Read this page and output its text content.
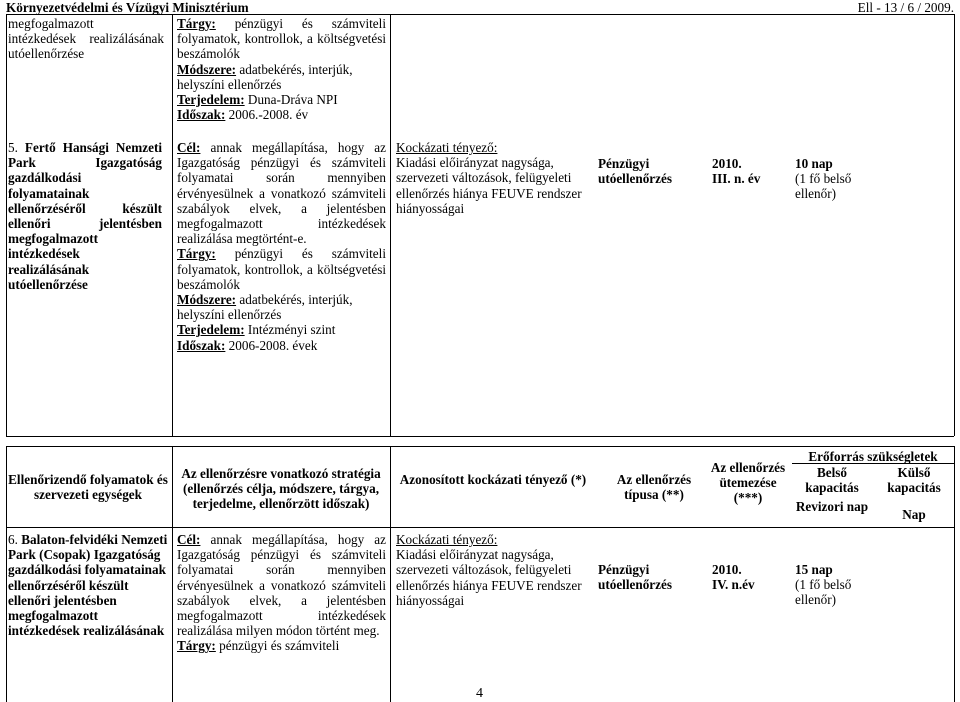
Környezetvédelmi és Vízügyi Minisztérium	Ell - 13 / 6 / 2009.
megfogalmazott intézkedések realizálásának utóellenőrzése
Tárgy: pénzügyi és számviteli folyamatok, kontrollok, a költségvetési beszámolók
Módszere: adatbekérés, interjúk, helyszíni ellenőrzés
Terjedelem: Duna-Dráva NPI
Időszak: 2006.-2008. év
5. Fertő Hansági Nemzeti Park Igazgatóság gazdálkodási folyamatainak ellenőrzéséről készült ellenőri jelentésben megfogalmazott intézkedések realizálásának utóellenőrzése
Cél: annak megállapítása, hogy az Igazgatóság pénzügyi és számviteli folyamatai során mennyiben érvényesülnek a vonatkozó számviteli szabályok elvek, a jelentésben megfogalmazott intézkedések realizálása megtörtént-e.
Tárgy: pénzügyi és számviteli folyamatok, kontrollok, a költségvetési beszámolók
Módszere: adatbekérés, interjúk, helyszíni ellenőrzés
Terjedelem: Intézményi szint
Időszak: 2006-2008. évek
Kockázati tényező:
Kiadási előirányzat nagysága, szervezeti változások, felügyeleti ellenőrzés hiánya FEUVE rendszer hiányosságai
Pénzügyi utóellenőrzés
2010.
III. n. év
10 nap
(1 fő belső ellenőr)
Ellenőrizendő folyamatok és szervezeti egységek
Az ellenőrzésre vonatkozó stratégia (ellenőrzés célja, módszere, tárgya, terjedelme, ellenőrzött időszak)
Azonosított kockázati tényező (*)	Az ellenőrzés típusa (**)
Az ellenőrzés ütemezése (***)
Erőforrás szükségletek
Belső kapacitás
Külső kapacitás
Revizori nap
Nap
6. Balaton-felvidéki Nemzeti Park (Csopak) Igazgatóság gazdálkodási folyamatainak ellenőrzéséről készült ellenőri jelentésben megfogalmazott intézkedések realizálásának
Cél: annak megállapítása, hogy az Igazgatóság pénzügyi és számviteli folyamatai során mennyiben érvényesülnek a vonatkozó számviteli szabályok elvek, a jelentésben megfogalmazott intézkedések realizálása milyen módon történt meg.
Tárgy: pénzügyi és számviteli
Kockázati tényező:
Kiadási előirányzat nagysága, szervezeti változások, felügyeleti ellenőrzés hiánya FEUVE rendszer hiányosságai
Pénzügyi utóellenőrzés
2010.
IV. n.év
15 nap
(1 fő belső ellenőr)
4
